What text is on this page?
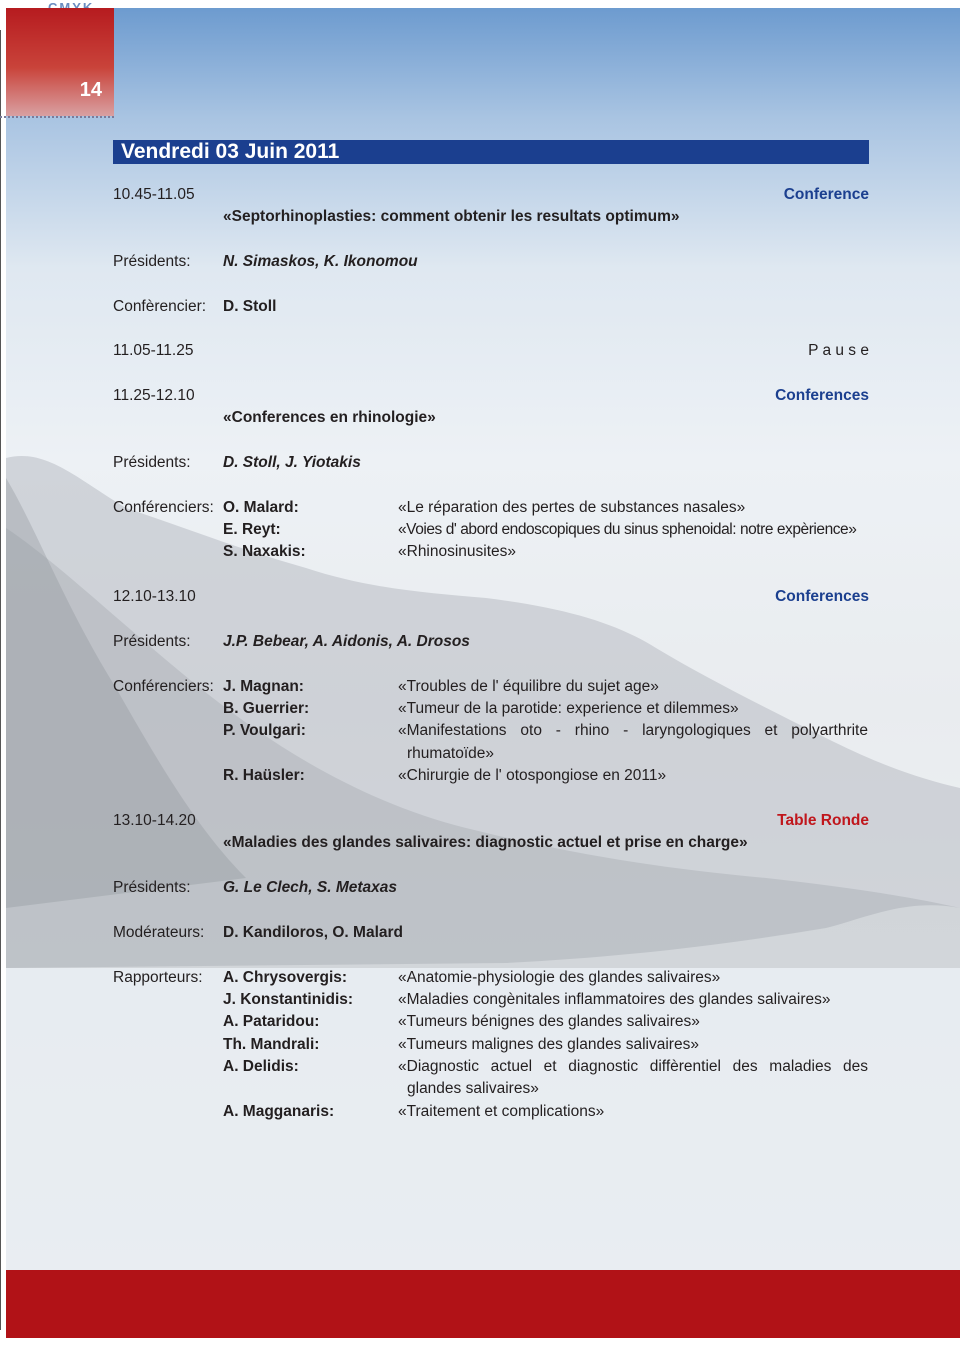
14
Vendredi 03 Juin 2011
10.45-11.05	Conference
«Septorhinoplasties: comment obtenir les resultats optimum»
Présidents: N. Simaskos, K. Ikonomou
Confèrencier: D. Stoll
11.05-11.25	P a u s e
11.25-12.10	Conferences
«Conferences en rhinologie»
Présidents: D. Stoll, J. Yiotakis
Conférenciers: O. Malard:	«Le réparation des pertes de substances nasales»
E. Reyt:	«Voies d' abord endoscopiques du sinus sphenoidal: notre expèrience»
S. Naxakis:	«Rhinosinusites»
12.10-13.10	Conferences
Présidents: J.P. Bebear, A. Aidonis, A. Drosos
Conférenciers: J. Magnan:	«Troubles de l' équilibre du sujet age»
B. Guerrier:	«Tumeur de la parotide: experience et dilemmes»
P. Voulgari:	«Manifestations oto - rhino - laryngologiques et polyarthrite
rhumatoïde»
R. Haüsler:	«Chirurgie de l' otospongiose en 2011»
13.10-14.20	Table Ronde
«Maladies des glandes salivaires: diagnostic actuel et prise en charge»
Présidents: G. Le Clech, S. Metaxas
Modérateurs: D. Kandiloros, O. Malard
Rapporteurs: A. Chrysovergis:	«Anatomie-physiologie des glandes salivaires»
J. Konstantinidis:	«Maladies congènitales inflammatoires des glandes salivaires»
A. Pataridou:	«Tumeurs bénignes des glandes salivaires»
Th. Mandrali:	«Tumeurs malignes des glandes salivaires»
A. Delidis:	«Diagnostic actuel et diagnostic diffèrentiel des maladies des
glandes salivaires»
A. Magganaris:	«Traitement et complications»
